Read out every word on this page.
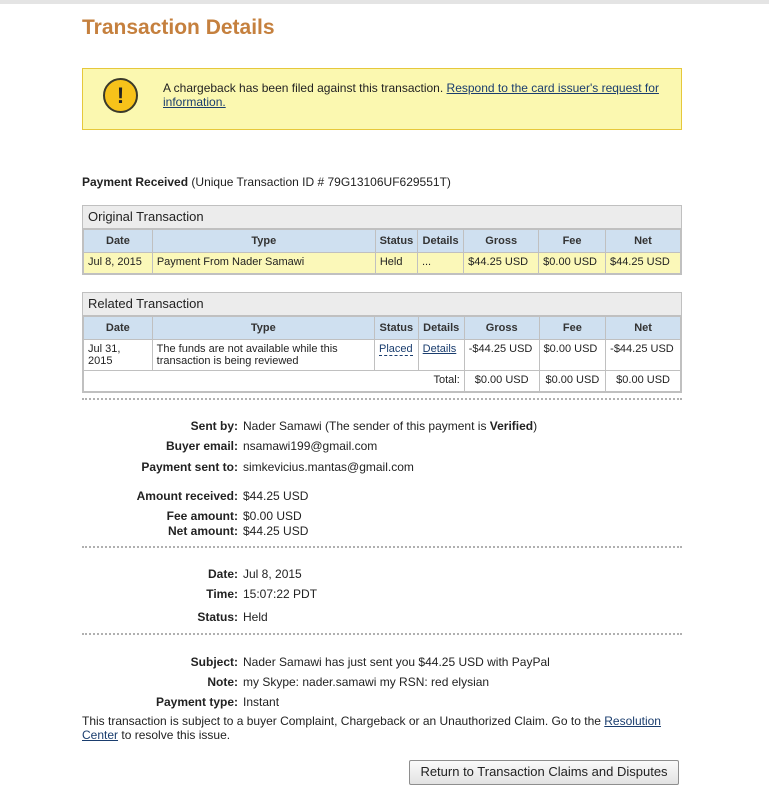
Transaction Details
!	A chargeback has been filed against this transaction. Respond to the card issuer's request for information.
Payment Received (Unique Transaction ID # 79G13106UF629551T)
Original Transaction
Date	Type	Status	Details	Gross	Fee	Net
Jul 8, 2015	Payment From Nader Samawi	Held	...	$44.25 USD	$0.00 USD	$44.25 USD
Related Transaction
Date	Type	Status	Details	Gross	Fee	Net
Jul 31, 2015	The funds are not available while this transaction is being reviewed	Placed	Details	-$44.25 USD	$0.00 USD	-$44.25 USD
Total:				$0.00 USD	$0.00 USD	$0.00 USD
Sent by: Nader Samawi (The sender of this payment is Verified)
Buyer email: nsamawi199@gmail.com
Payment sent to: simkevicius.mantas@gmail.com
Amount received: $44.25 USD
Fee amount: $0.00 USD
Net amount: $44.25 USD
Date: Jul 8, 2015
Time: 15:07:22 PDT
Status: Held
Subject: Nader Samawi has just sent you $44.25 USD with PayPal
Note: my Skype: nader.samawi my RSN: red elysian
Payment type: Instant
This transaction is subject to a buyer Complaint, Chargeback or an Unauthorized Claim. Go to the Resolution Center to resolve this issue.
Return to Transaction Claims and Disputes
